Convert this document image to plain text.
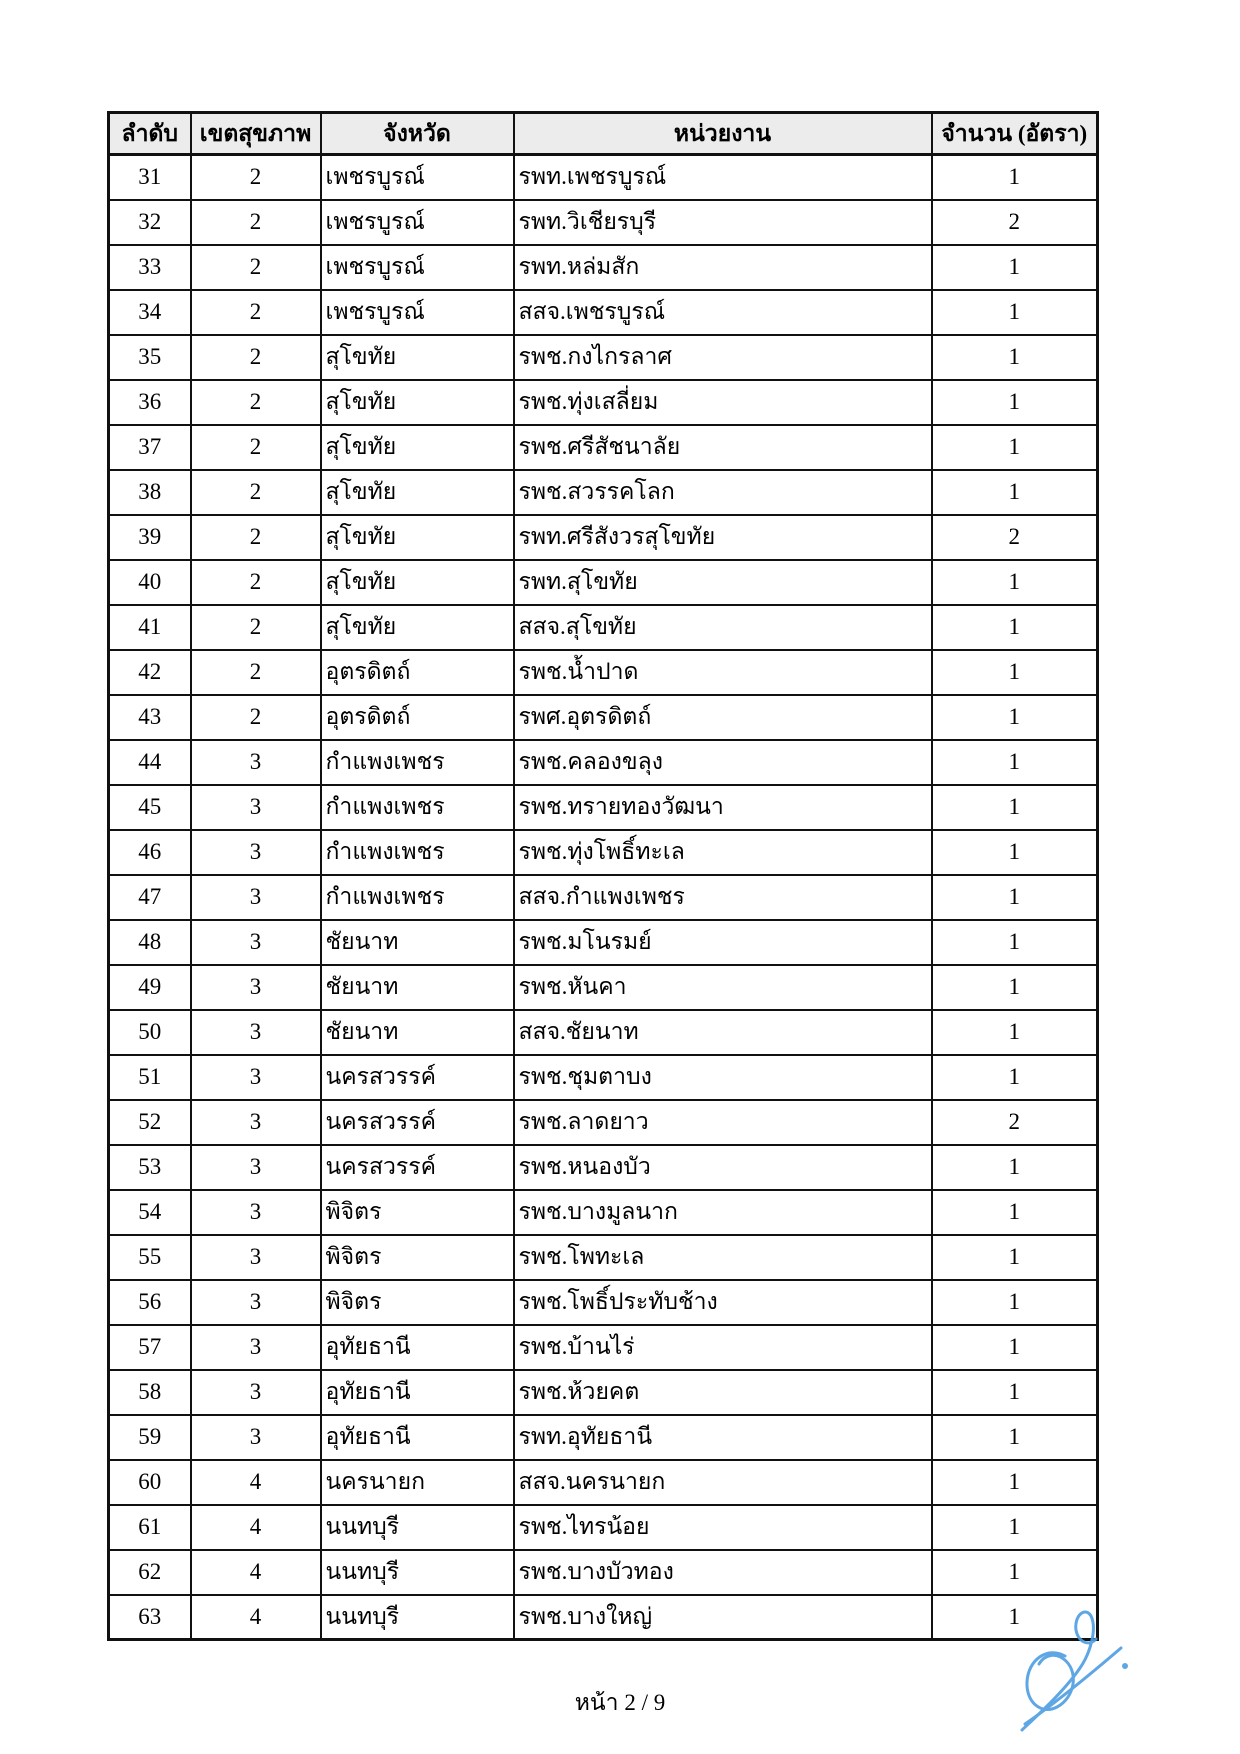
ลำดับ	เขตสุขภาพ	จังหวัด	หน่วยงาน	จำนวน (อัตรา)
31	2	เพชรบูรณ์	รพท.เพชรบูรณ์	1
32	2	เพชรบูรณ์	รพท.วิเชียรบุรี	2
33	2	เพชรบูรณ์	รพท.หล่มสัก	1
34	2	เพชรบูรณ์	สสจ.เพชรบูรณ์	1
35	2	สุโขทัย	รพช.กงไกรลาศ	1
36	2	สุโขทัย	รพช.ทุ่งเสลี่ยม	1
37	2	สุโขทัย	รพช.ศรีสัชนาลัย	1
38	2	สุโขทัย	รพช.สวรรคโลก	1
39	2	สุโขทัย	รพท.ศรีสังวรสุโขทัย	2
40	2	สุโขทัย	รพท.สุโขทัย	1
41	2	สุโขทัย	สสจ.สุโขทัย	1
42	2	อุตรดิตถ์	รพช.น้ำปาด	1
43	2	อุตรดิตถ์	รพศ.อุตรดิตถ์	1
44	3	กำแพงเพชร	รพช.คลองขลุง	1
45	3	กำแพงเพชร	รพช.ทรายทองวัฒนา	1
46	3	กำแพงเพชร	รพช.ทุ่งโพธิ์ทะเล	1
47	3	กำแพงเพชร	สสจ.กำแพงเพชร	1
48	3	ชัยนาท	รพช.มโนรมย์	1
49	3	ชัยนาท	รพช.หันคา	1
50	3	ชัยนาท	สสจ.ชัยนาท	1
51	3	นครสวรรค์	รพช.ชุมตาบง	1
52	3	นครสวรรค์	รพช.ลาดยาว	2
53	3	นครสวรรค์	รพช.หนองบัว	1
54	3	พิจิตร	รพช.บางมูลนาก	1
55	3	พิจิตร	รพช.โพทะเล	1
56	3	พิจิตร	รพช.โพธิ์ประทับช้าง	1
57	3	อุทัยธานี	รพช.บ้านไร่	1
58	3	อุทัยธานี	รพช.ห้วยคต	1
59	3	อุทัยธานี	รพท.อุทัยธานี	1
60	4	นครนายก	สสจ.นครนายก	1
61	4	นนทบุรี	รพช.ไทรน้อย	1
62	4	นนทบุรี	รพช.บางบัวทอง	1
63	4	นนทบุรี	รพช.บางใหญ่	1
หน้า 2 / 9
